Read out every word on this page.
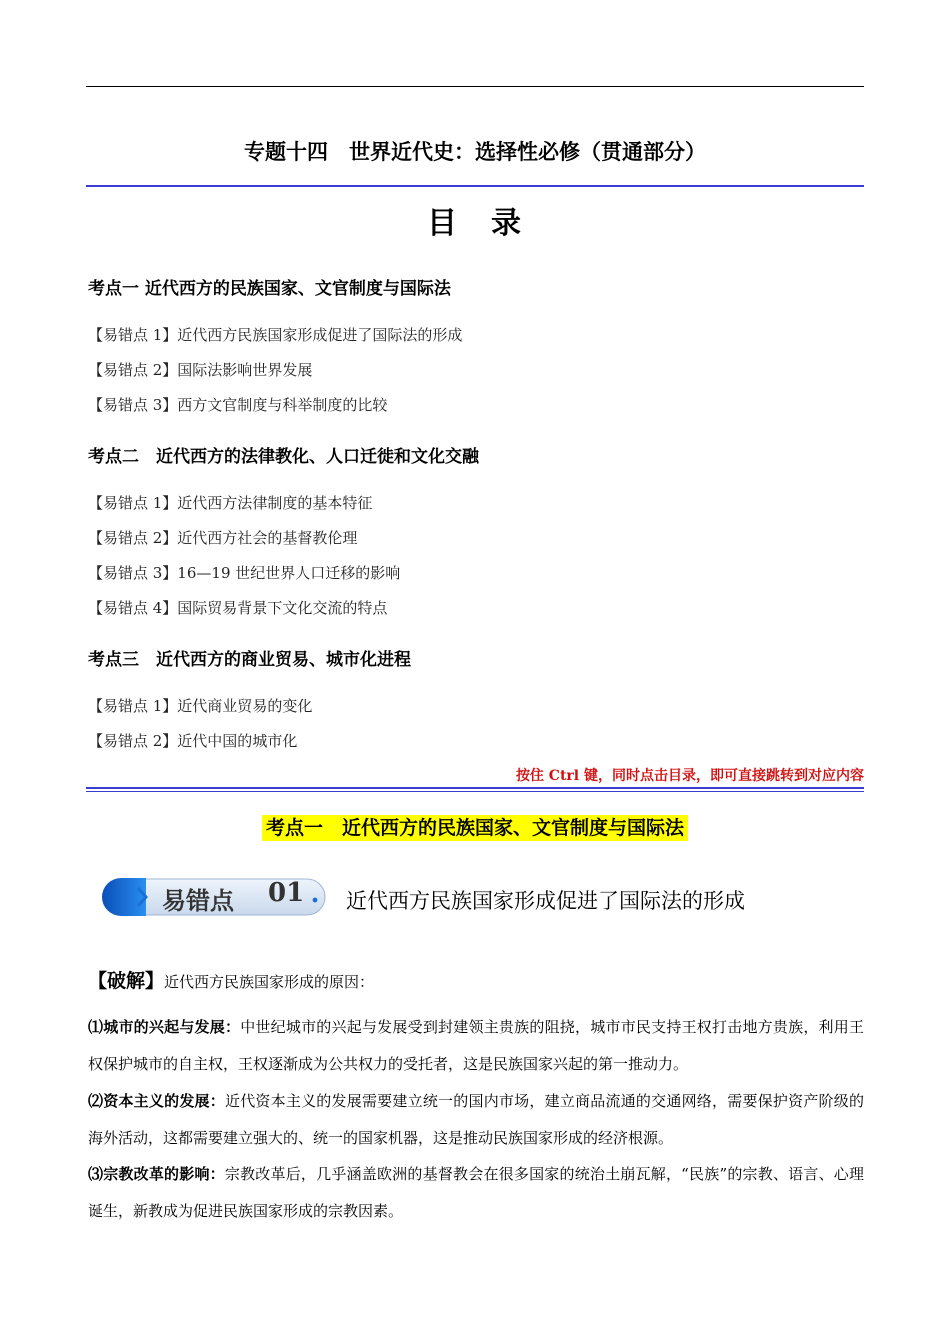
专题十四　世界近代史：选择性必修（贯通部分）
目　录
考点一 近代西方的民族国家、文官制度与国际法
【易错点 1】近代西方民族国家形成促进了国际法的形成
【易错点 2】国际法影响世界发展
【易错点 3】西方文官制度与科举制度的比较
考点二　近代西方的法律教化、人口迁徙和文化交融
【易错点 1】近代西方法律制度的基本特征
【易错点 2】近代西方社会的基督教伦理
【易错点 3】16—19 世纪世界人口迁移的影响
【易错点 4】国际贸易背景下文化交流的特点
考点三　近代西方的商业贸易、城市化进程
【易错点 1】近代商业贸易的变化
【易错点 2】近代中国的城市化
按住 Ctrl 键，同时点击目录，即可直接跳转到对应内容
考点一　近代西方的民族国家、文官制度与国际法
易错点 01 近代西方民族国家形成促进了国际法的形成
【破解】近代西方民族国家形成的原因：
⑴城市的兴起与发展：中世纪城市的兴起与发展受到封建领主贵族的阻挠，城市市民支持王权打击地方贵族，利用王权保护城市的自主权，王权逐渐成为公共权力的受托者，这是民族国家兴起的第一推动力。
⑵资本主义的发展：近代资本主义的发展需要建立统一的国内市场，建立商品流通的交通网络，需要保护资产阶级的海外活动，这都需要建立强大的、统一的国家机器，这是推动民族国家形成的经济根源。
⑶宗教改革的影响：宗教改革后，几乎涵盖欧洲的基督教会在很多国家的统治土崩瓦解，“民族”的宗教、语言、心理诞生，新教成为促进民族国家形成的宗教因素。
